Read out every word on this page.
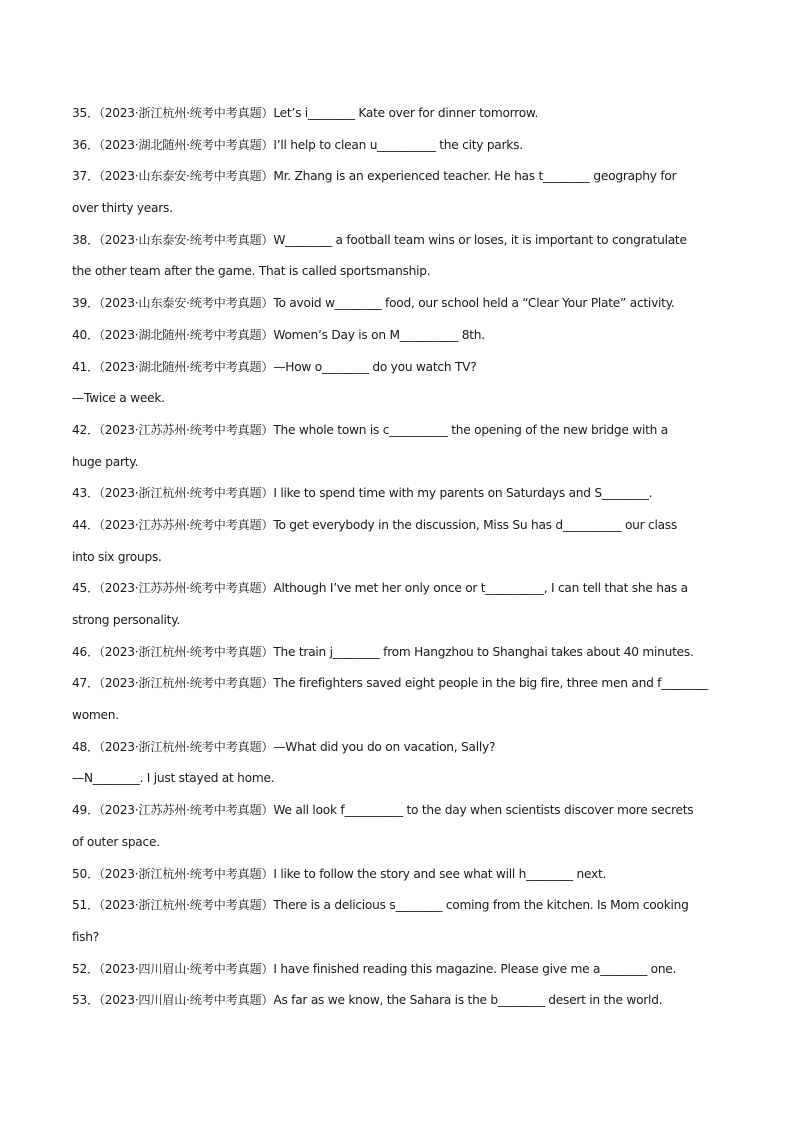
35．（2023·浙江杭州·统考中考真题）Let’s i________ Kate over for dinner tomorrow.
36．（2023·湖北随州·统考中考真题）I’ll help to clean u__________ the city parks.
37．（2023·山东泰安·统考中考真题）Mr. Zhang is an experienced teacher. He has t________ geography for
over thirty years.
38．（2023·山东泰安·统考中考真题）W________ a football team wins or loses, it is important to congratulate
the other team after the game. That is called sportsmanship.
39．（2023·山东泰安·统考中考真题）To avoid w________ food, our school held a “Clear Your Plate” activity.
40．（2023·湖北随州·统考中考真题）Women’s Day is on M__________ 8th.
41．（2023·湖北随州·统考中考真题）—How o________ do you watch TV?
—Twice a week.
42．（2023·江苏苏州·统考中考真题）The whole town is c__________ the opening of the new bridge with a
huge party.
43．（2023·浙江杭州·统考中考真题）I like to spend time with my parents on Saturdays and S________.
44．（2023·江苏苏州·统考中考真题）To get everybody in the discussion, Miss Su has d__________ our class
into six groups.
45．（2023·江苏苏州·统考中考真题）Although I’ve met her only once or t__________, I can tell that she has a
strong personality.
46．（2023·浙江杭州·统考中考真题）The train j________ from Hangzhou to Shanghai takes about 40 minutes.
47．（2023·浙江杭州·统考中考真题）The firefighters saved eight people in the big fire, three men and f________
women.
48．（2023·浙江杭州·统考中考真题）—What did you do on vacation, Sally?
—N________. I just stayed at home.
49．（2023·江苏苏州·统考中考真题）We all look f__________ to the day when scientists discover more secrets
of outer space.
50．（2023·浙江杭州·统考中考真题）I like to follow the story and see what will h________ next.
51．（2023·浙江杭州·统考中考真题）There is a delicious s________ coming from the kitchen. Is Mom cooking
fish?
52．（2023·四川眉山·统考中考真题）I have finished reading this magazine. Please give me a________ one.
53．（2023·四川眉山·统考中考真题）As far as we know, the Sahara is the b________ desert in the world.
